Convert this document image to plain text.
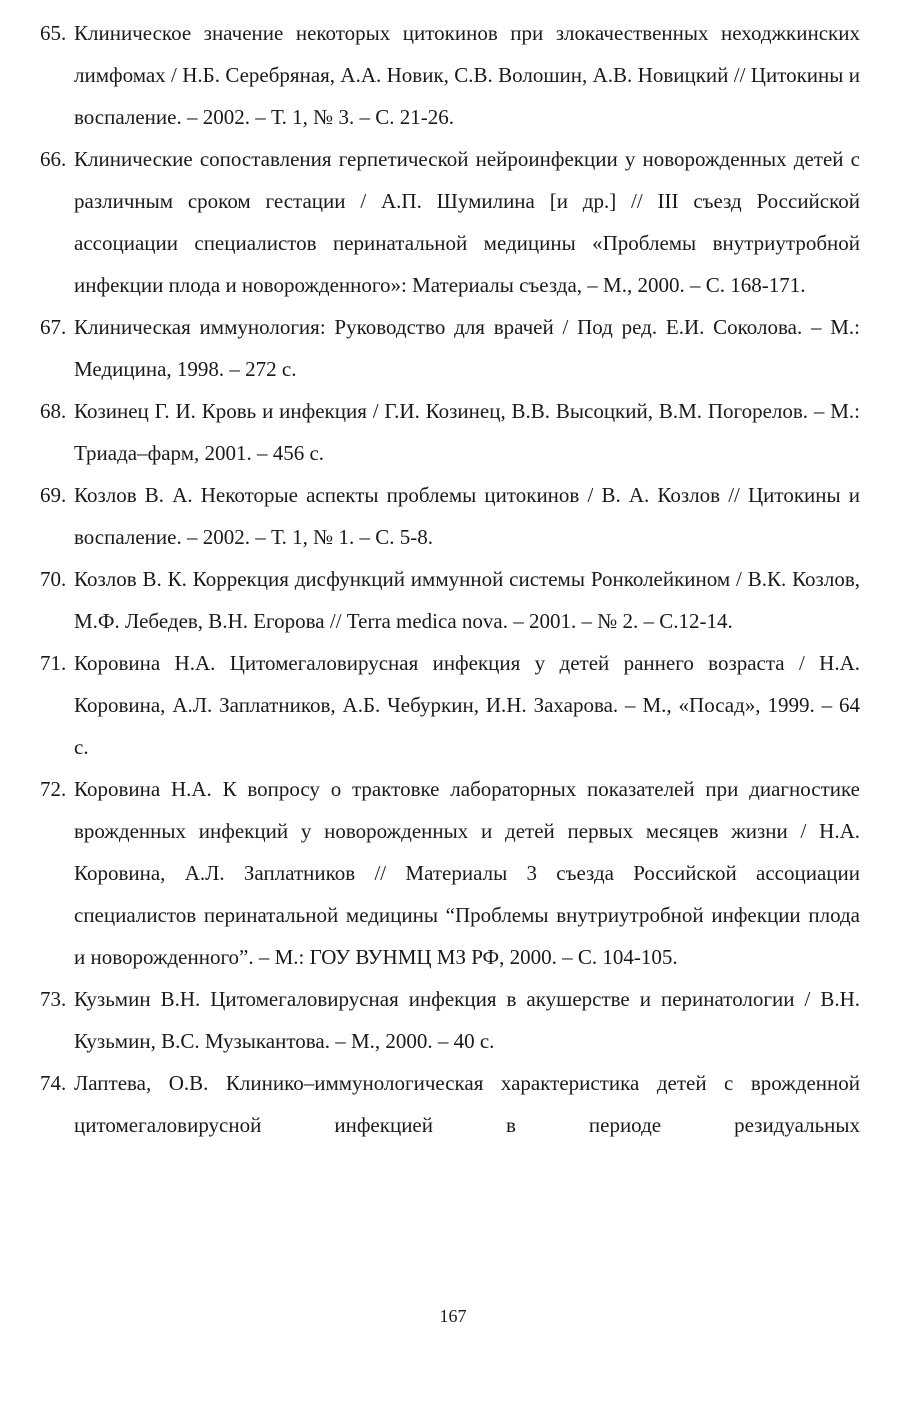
65. Клиническое значение некоторых цитокинов при злокачественных неходжкинских лимфомах / Н.Б. Серебряная, А.А. Новик, С.В. Волошин, А.В. Новицкий // Цитокины и воспаление. – 2002. – Т. 1, № 3. – С. 21-26.
66. Клинические сопоставления герпетической нейроинфекции у новорожденных детей с различным сроком гестации / А.П. Шумилина [и др.] // III съезд Российской ассоциации специалистов перинатальной медицины «Проблемы внутриутробной инфекции плода и новорожденного»: Материалы съезда, – М., 2000. – С. 168-171.
67. Клиническая иммунология: Руководство для врачей / Под ред. Е.И. Соколова. – М.: Медицина, 1998. – 272 с.
68. Козинец Г. И. Кровь и инфекция / Г.И. Козинец, В.В. Высоцкий, В.М. Погорелов. – М.: Триада–фарм, 2001. – 456 с.
69. Козлов В. А. Некоторые аспекты проблемы цитокинов / В. А. Козлов // Цитокины и воспаление. – 2002. – Т. 1, № 1. – С. 5-8.
70. Козлов В. К. Коррекция дисфункций иммунной системы Ронколейкином / В.К. Козлов, М.Ф. Лебедев, В.Н. Егорова // Terra medica nova. – 2001. – № 2. – С.12-14.
71. Коровина Н.А. Цитомегаловирусная инфекция у детей раннего возраста / Н.А. Коровина, А.Л. Заплатников, А.Б. Чебуркин, И.Н. Захарова. – М., «Посад», 1999. – 64 с.
72. Коровина Н.А. К вопросу о трактовке лабораторных показателей при диагностике врожденных инфекций у новорожденных и детей первых месяцев жизни / Н.А. Коровина, А.Л. Заплатников // Материалы 3 съезда Российской ассоциации специалистов перинатальной медицины “Проблемы внутриутробной инфекции плода и новорожденного”. – М.: ГОУ ВУНМЦ МЗ РФ, 2000. – С. 104-105.
73. Кузьмин В.Н. Цитомегаловирусная инфекция в акушерстве и перинатологии / В.Н. Кузьмин, В.С. Музыкантова. – М., 2000. – 40 с.
74. Лаптева, О.В. Клинико–иммунологическая характеристика детей с врожденной цитомегаловирусной инфекцией в периоде резидуальных
167
